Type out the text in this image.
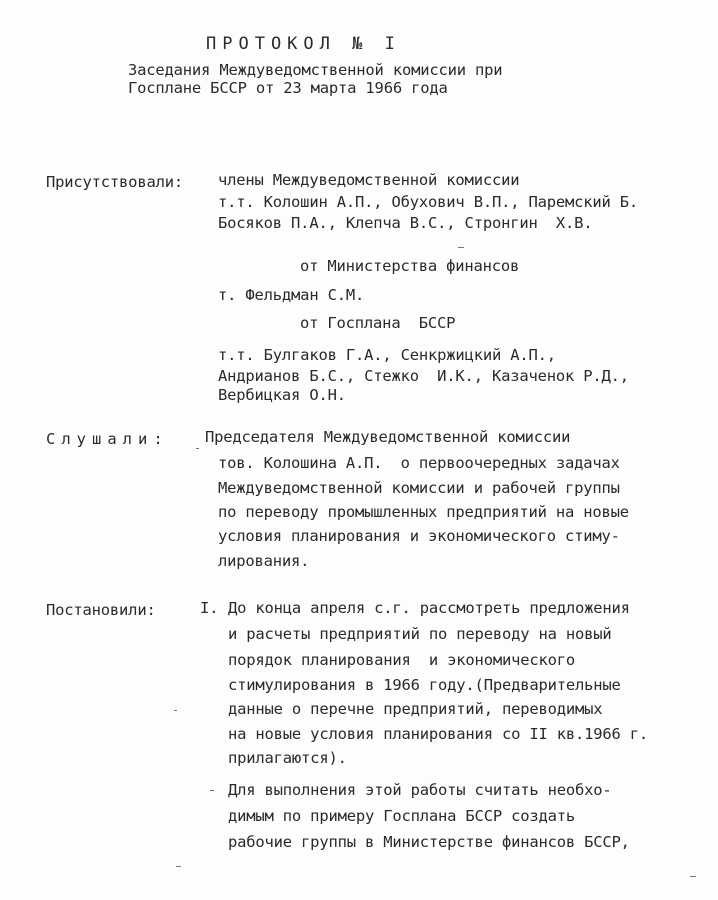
ПРОТОКОЛ № I
Заседания Междуведомственной комиссии при
Госплане БССР от 23 марта 1966 года
Присутствовали: члены Междуведомственной комиссии
т.т. Колошин А.П., Обухович В.П., Паремский Б.
Босяков П.А., Клепча В.С., Стронгин  Х.В.
от Министерства финансов
т. Фельдман С.М.
от Госплана  БССР
т.т. Булгаков Г.А., Сенкржицкий А.П.,
Андрианов Б.С., Стежко  И.К., Казаченок Р.Д.,
Вербицкая О.Н.
Слушали: Председателя Междуведомственной комиссии
тов. Колошина А.П.  о первоочередных задачах
Междуведомственной комиссии и рабочей группы
по переводу промышленных предприятий на новые
условия планирования и экономического стиму-
лирования.
Постановили:	I. До конца апреля с.г. рассмотреть предложения
и расчеты предприятий по переводу на новый
порядок планирования  и экономического
стимулирования в 1966 году.(Предварительные
данные о перечне предприятий, переводимых
на новые условия планирования со II кв.1966 г.
прилагаются).
Для выполнения этой работы считать необхо-
димым по примеру Госплана БССР создать
рабочие группы в Министерстве финансов БССР,
